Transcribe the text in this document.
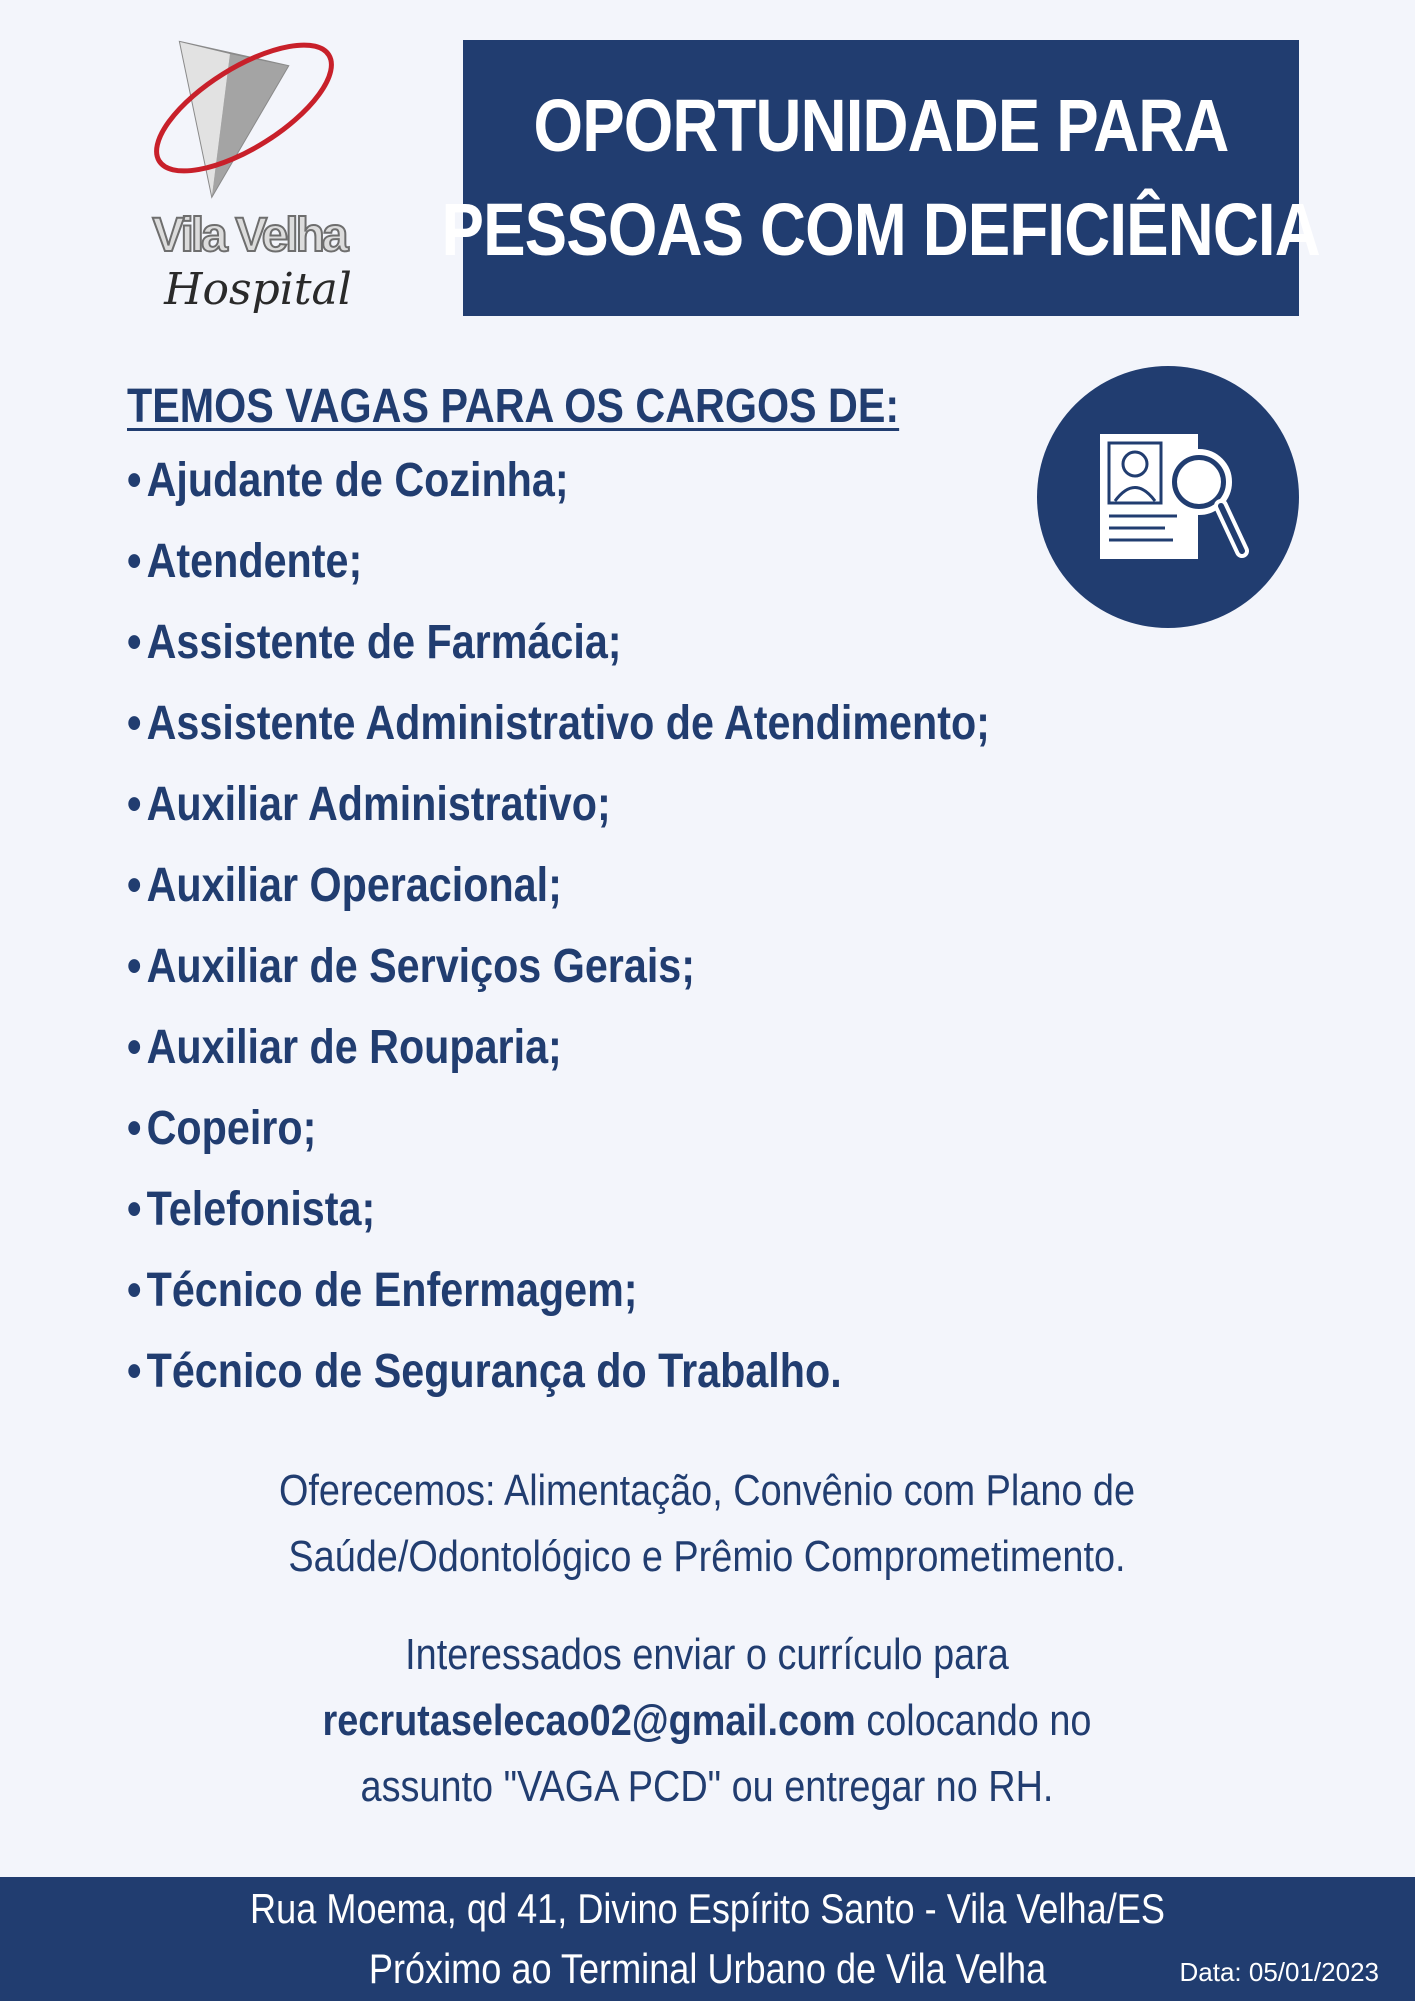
Vila Velha
Hospital
OPORTUNIDADE PARA
PESSOAS COM DEFICIÊNCIA
TEMOS VAGAS PARA OS CARGOS DE:
• Ajudante de Cozinha;
• Atendente;
• Assistente de Farmácia;
• Assistente Administrativo de Atendimento;
• Auxiliar Administrativo;
• Auxiliar Operacional;
• Auxiliar de Serviços Gerais;
• Auxiliar de Rouparia;
• Copeiro;
• Telefonista;
• Técnico de Enfermagem;
• Técnico de Segurança do Trabalho.
Oferecemos: Alimentação, Convênio com Plano de
Saúde/Odontológico e Prêmio Comprometimento.
Interessados enviar o currículo para
recrutaselecao02@gmail.com colocando no
assunto "VAGA PCD" ou entregar no RH.
Rua Moema, qd 41, Divino Espírito Santo - Vila Velha/ES
Próximo ao Terminal Urbano de Vila Velha	Data: 05/01/2023
